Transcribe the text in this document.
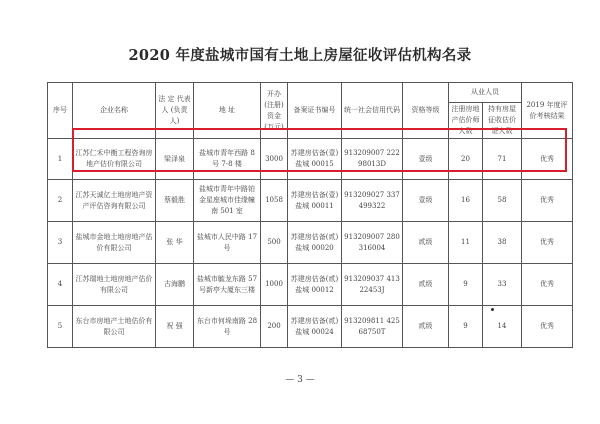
2020 年度盐城市国有土地上房屋征收评估机构名录
序号	企业名称	法 定 代表人 (负责人)	地 址	开办(注册)资金(万元)	备案证书编号	统一社会信用代码	资格等级	从业人员		2019 年度评价考核结果
								注册房地产估价师人数	持有房屋征收估价证人数	
1	江苏仁禾中衡工程咨询房地产估价有限公司	梁泽泉	盐城市青年西路 8 号 7-8 楼	3000	苏建房估备(壹)盐城 00015	913209007 22298013D	壹级	20	71	优秀
2	江苏天诚亿土地房地产资产评估咨询有限公司	蔡毅胜	盐城市青年中路铂金星座城市佳缘幢南 501 室	1058	苏建房估备(壹)盐城 00011	913209027 337499322	壹级	16	58	优秀
3	盐城市金地土地房地产估价有限公司	张 华	盐城市人民中路 17 号	500	苏建房估备(贰)盐城 00020	913209007 280316004	贰级	11	38	优秀
4	江苏瑞地土地房地产估价有限公司	古海鹏	盐城市毓龙东路 57 号新亭大厦东三楼	1000	苏建房估备(贰)盐城 00012	913209037 41322453J	贰级	9	33	优秀
5	东台市房地产土地估价有限公司	祝 强	东台市何垛南路 28 号	200	苏建房估备(贰)盐城 00024	913209811 42568750T	贰级	9	14	优秀
— 3 —
